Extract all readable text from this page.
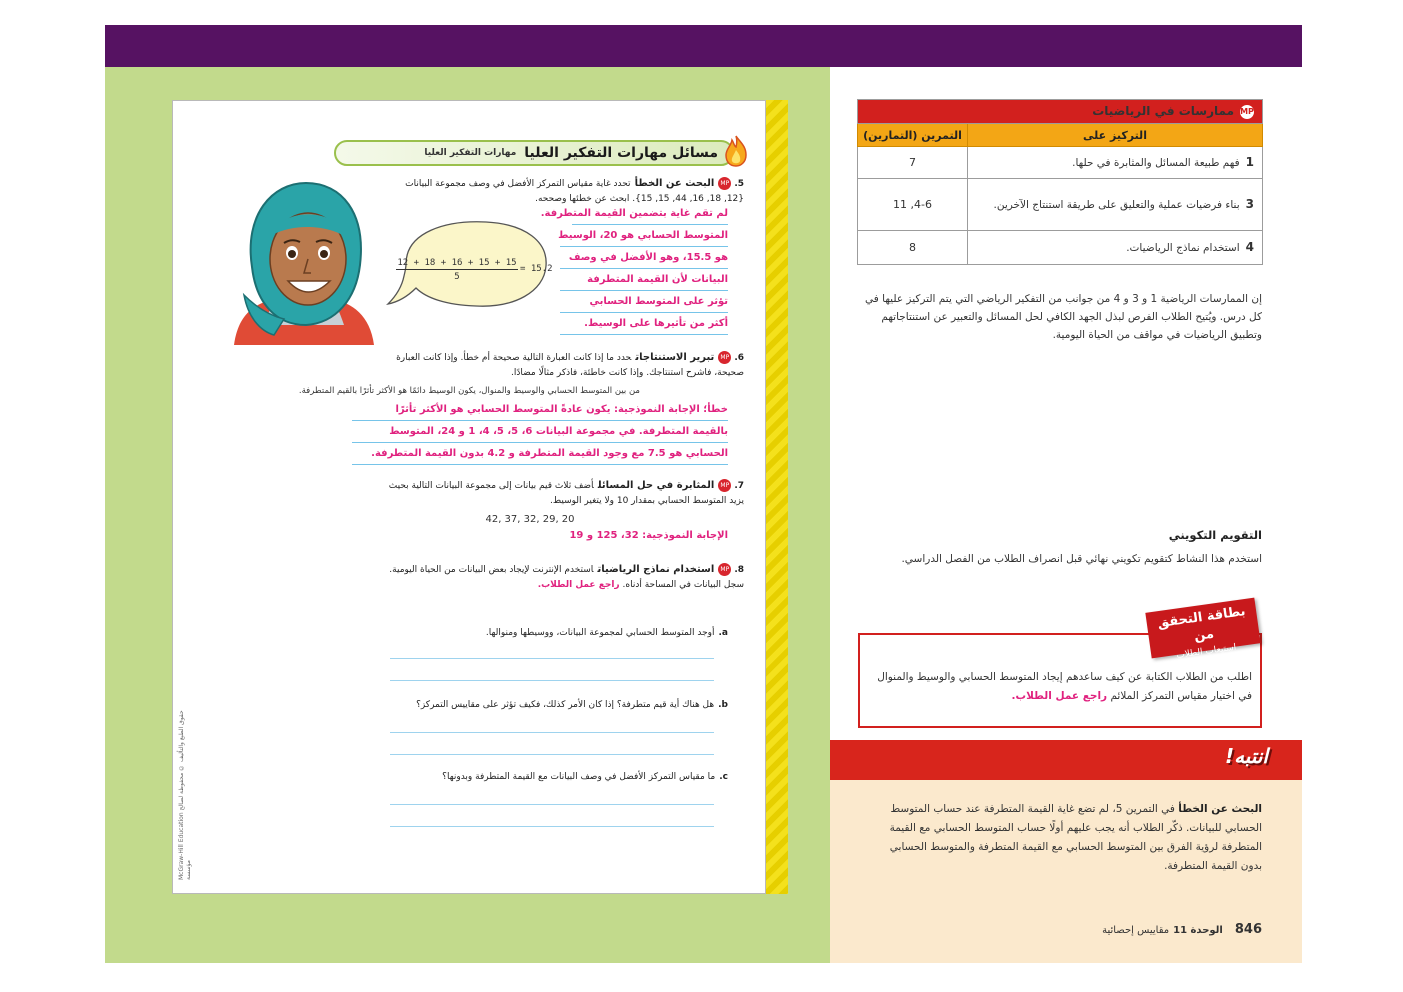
McGraw-Hill Education حقوق الطبع والتأليف © محفوظة لصالح مؤسسة
مسائل مهارات التفكير العليا
مهارات التفكير العليا
5.MPالبحث عن الخطأتحدد غاية مقياس التمركز الأفضل في وصف مجموعة البيانات
{12, 18, 16, 44, 15, 15}. ابحث عن خطئها وصححه.
لم تقم غاية بتضمين القيمة المتطرفة.
المتوسط الحسابي هو 20، الوسيط
هو 15.5، وهو الأفضل في وصف
البيانات لأن القيمة المتطرفة
تؤثر على المتوسط الحسابي
أكثر من تأثيرها على الوسيط.
12 + 18 + 16 + 15 + 15
5
= 15.2
6.MPتبرير الاستنتاجاتحدد ما إذا كانت العبارة التالية صحيحة أم خطأ. وإذا كانت العبارة
صحيحة، فاشرح استنتاجك. وإذا كانت خاطئة، فاذكر مثالًا مضادًا.
من بين المتوسط الحسابي والوسيط والمنوال، يكون الوسيط دائمًا هو الأكثر تأثرًا بالقيم المتطرفة.
خطأ؛ الإجابة النموذجية: يكون عادةً المتوسط الحسابي هو الأكثر تأثرًا
بالقيمة المتطرفة. في مجموعة البيانات 6، 5، 5، 4، 1 و 24، المتوسط
الحسابي هو 7.5 مع وجود القيمة المتطرفة و 4.2 بدون القيمة المتطرفة.
7.MPالمثابرة في حل المسائلأضف ثلاث قيم بيانات إلى مجموعة البيانات التالية بحيث
يزيد المتوسط الحسابي بمقدار 10 ولا يتغير الوسيط.
42, 37, 32, 29, 20
الإجابة النموذجية: 32، 125 و 19
8.MPاستخدام نماذج الرياضياتاستخدم الإنترنت لإيجاد بعض البيانات من الحياة اليومية.
سجل البيانات في المساحة أدناه. راجع عمل الطلاب.
a.أوجد المتوسط الحسابي لمجموعة البيانات، ووسيطها ومنوالها.
b.هل هناك أية قيم متطرفة؟ إذا كان الأمر كذلك، فكيف تؤثر على مقاييس التمركز؟
c.ما مقياس التمركز الأفضل في وصف البيانات مع القيمة المتطرفة وبدونها؟
MPممارسات في الرياضيات	
التركيز على	التمرين (التمارين)
1فهم طبيعة المسائل والمثابرة في حلها.	7
3بناء فرضيات عملية والتعليق على طريقة استنتاج الآخرين.	4-6, 11
4استخدام نماذج الرياضيات.	8
إن الممارسات الرياضية 1 و 3 و 4 من جوانب من التفكير الرياضي التي يتم التركيز عليها في كل درس. ويُتيح الطلاب الفرص لبذل الجهد الكافي لحل المسائل والتعبير عن استنتاجاتهم وتطبيق الرياضيات في مواقف من الحياة اليومية.
التقويم التكويني
استخدم هذا النشاط كتقويم تكويني نهائي قبل انصراف الطلاب من الفصل الدراسي.
بطاقة التحقق من
استيعاب الطلاب
اطلب من الطلاب الكتابة عن كيف ساعدهم إيجاد المتوسط الحسابي والوسيط والمنوال في اختيار مقياس التمركز الملائم راجع عمل الطلاب.
انتبه!
البحث عن الخطأ في التمرين 5، لم تضع غاية القيمة المتطرفة عند حساب المتوسط الحسابي للبيانات. ذكّر الطلاب أنه يجب عليهم أولًا حساب المتوسط الحسابي مع القيمة المتطرفة لرؤية الفرق بين المتوسط الحسابي مع القيمة المتطرفة والمتوسط الحسابي بدون القيمة المتطرفة.
846الوحدة 11مقاييس إحصائية
